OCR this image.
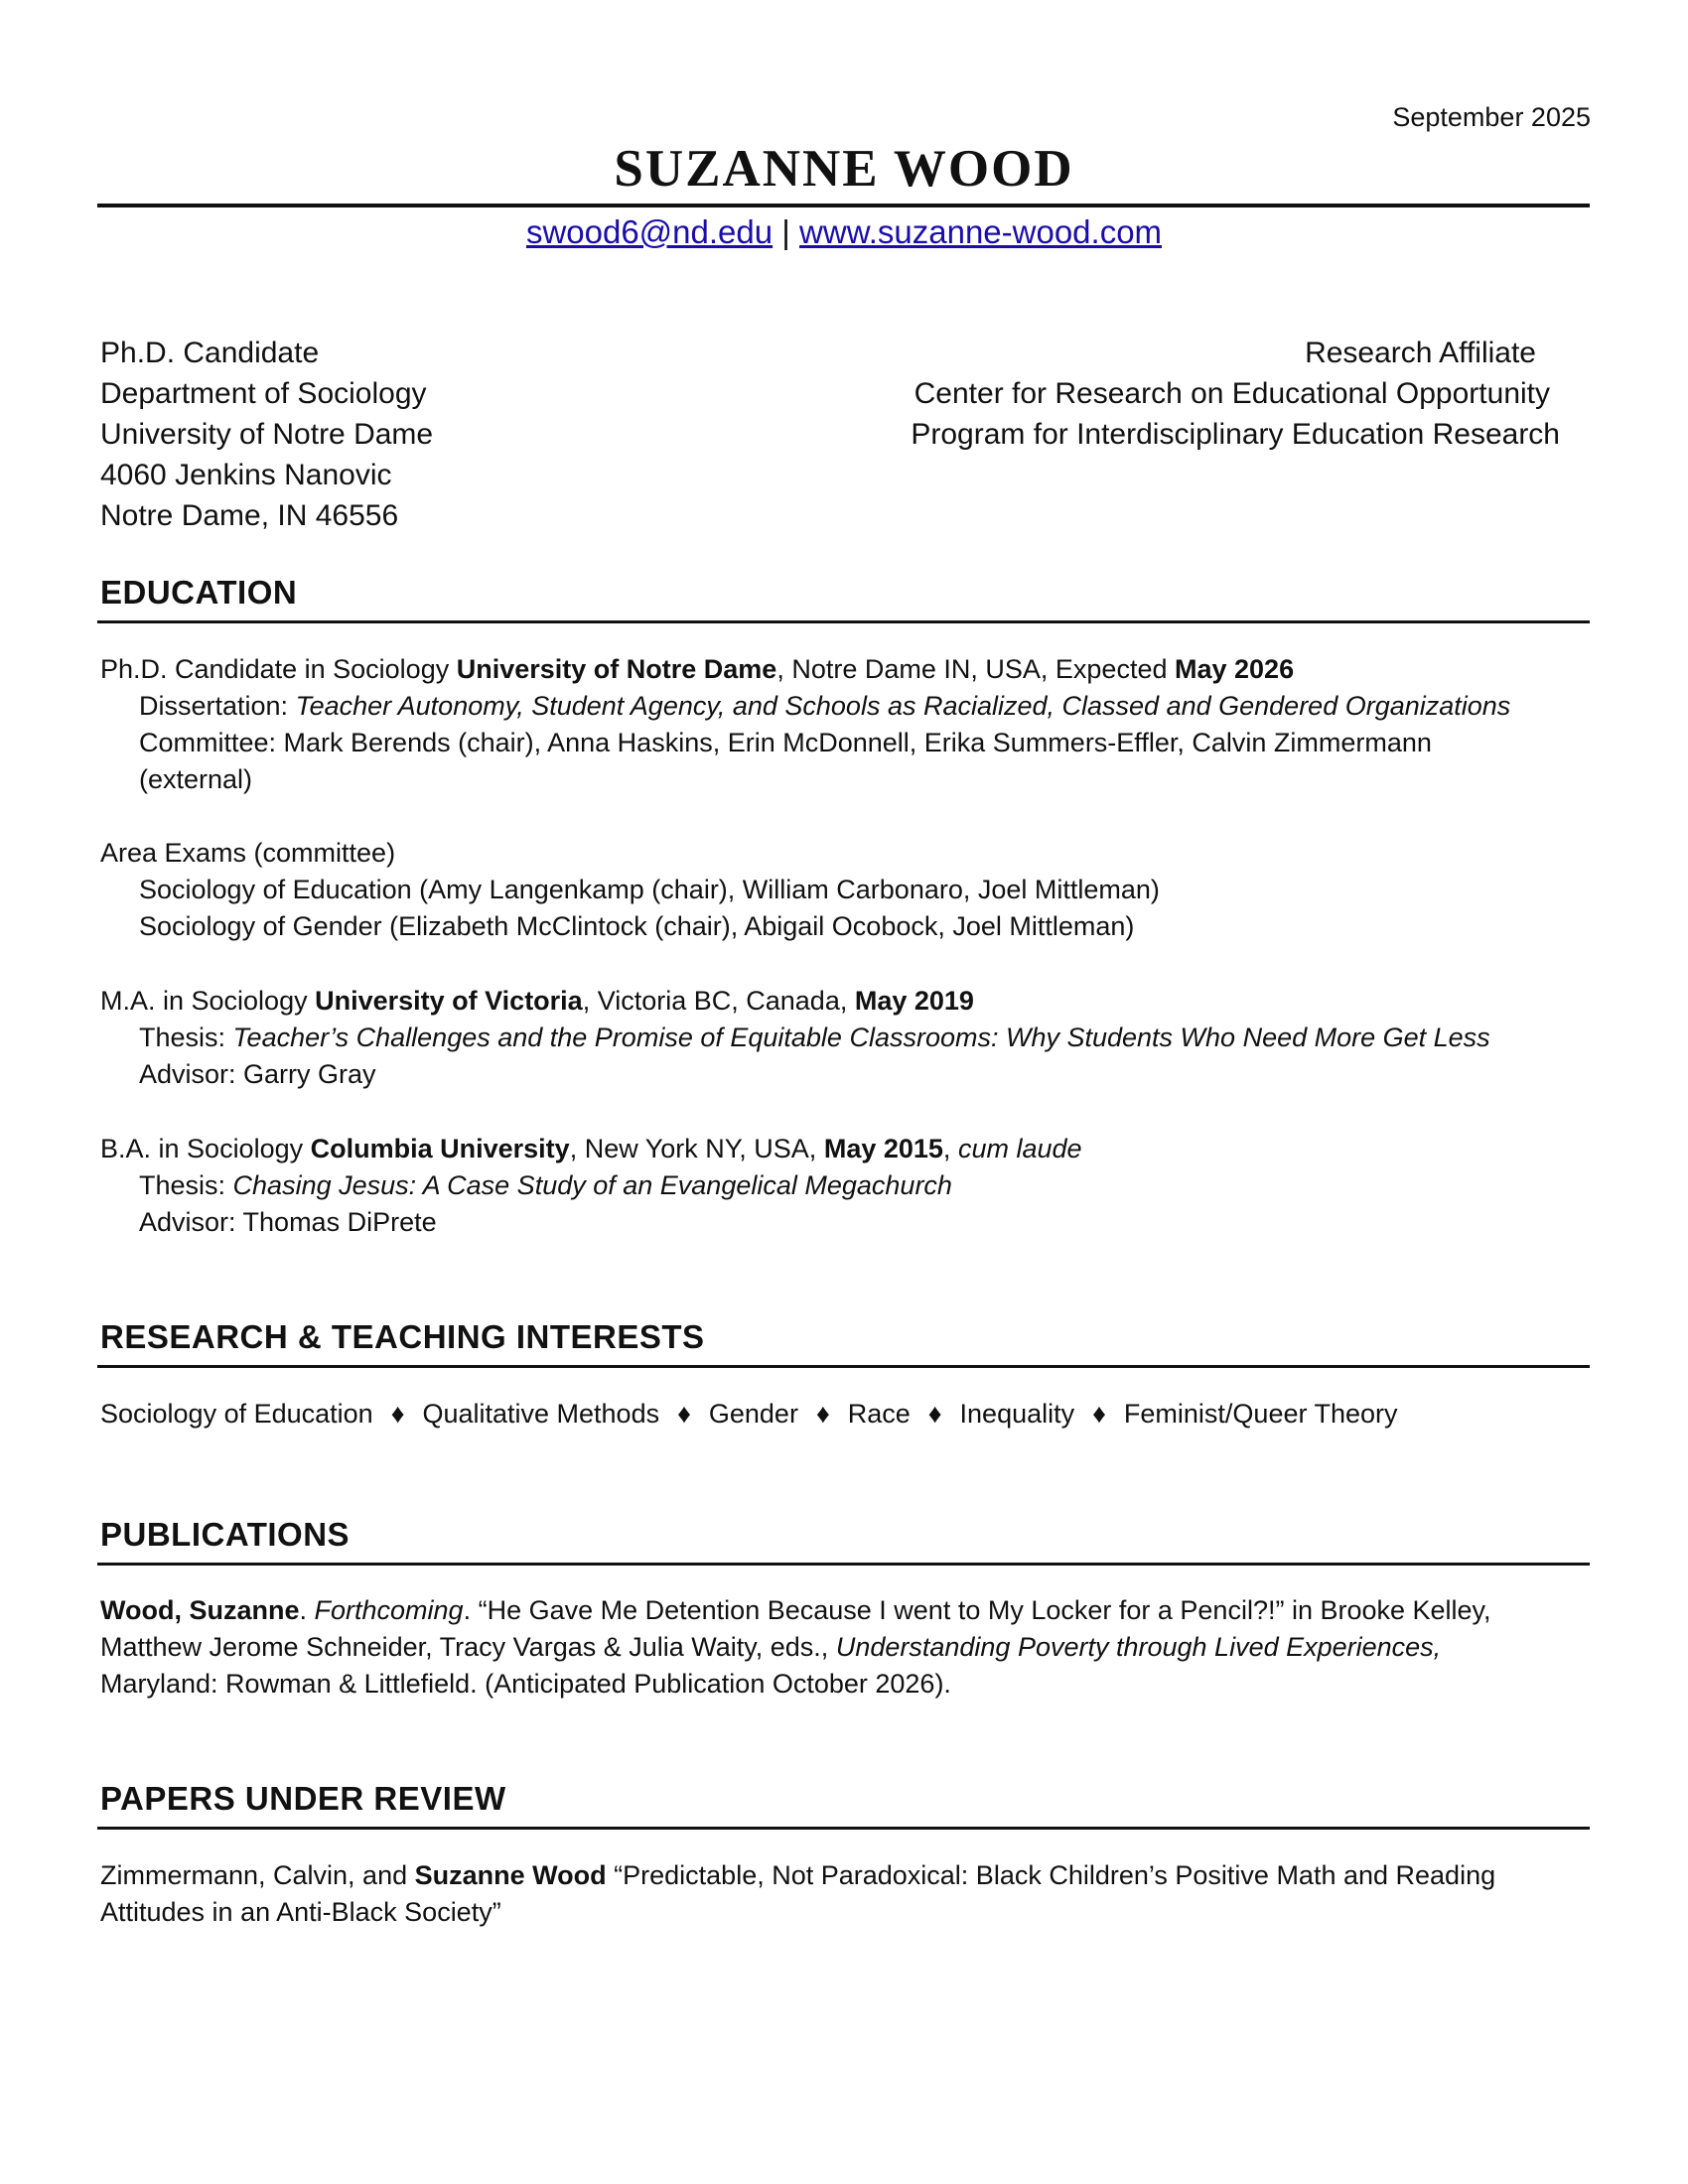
September 2025
SUZANNE WOOD
swood6@nd.edu | www.suzanne-wood.com
Ph.D. Candidate
Department of Sociology
University of Notre Dame
4060 Jenkins Nanovic
Notre Dame, IN 46556
Research Affiliate
Center for Research on Educational Opportunity
Program for Interdisciplinary Education Research
EDUCATION
Ph.D. Candidate in Sociology University of Notre Dame, Notre Dame IN, USA, Expected May 2026
Dissertation: Teacher Autonomy, Student Agency, and Schools as Racialized, Classed and Gendered Organizations
Committee: Mark Berends (chair), Anna Haskins, Erin McDonnell, Erika Summers-Effler, Calvin Zimmermann
(external)
Area Exams (committee)
Sociology of Education (Amy Langenkamp (chair), William Carbonaro, Joel Mittleman)
Sociology of Gender (Elizabeth McClintock (chair), Abigail Ocobock, Joel Mittleman)
M.A. in Sociology University of Victoria, Victoria BC, Canada, May 2019
Thesis: Teacher’s Challenges and the Promise of Equitable Classrooms: Why Students Who Need More Get Less
Advisor: Garry Gray
B.A. in Sociology Columbia University, New York NY, USA, May 2015, cum laude
Thesis: Chasing Jesus: A Case Study of an Evangelical Megachurch
Advisor: Thomas DiPrete
RESEARCH & TEACHING INTERESTS
Sociology of Education ♦ Qualitative Methods ♦ Gender ♦ Race ♦ Inequality ♦ Feminist/Queer Theory
PUBLICATIONS
Wood, Suzanne. Forthcoming. “He Gave Me Detention Because I went to My Locker for a Pencil?!” in Brooke Kelley,
Matthew Jerome Schneider, Tracy Vargas & Julia Waity, eds., Understanding Poverty through Lived Experiences,
Maryland: Rowman & Littlefield. (Anticipated Publication October 2026).
PAPERS UNDER REVIEW
Zimmermann, Calvin, and Suzanne Wood “Predictable, Not Paradoxical: Black Children’s Positive Math and Reading
Attitudes in an Anti-Black Society”
